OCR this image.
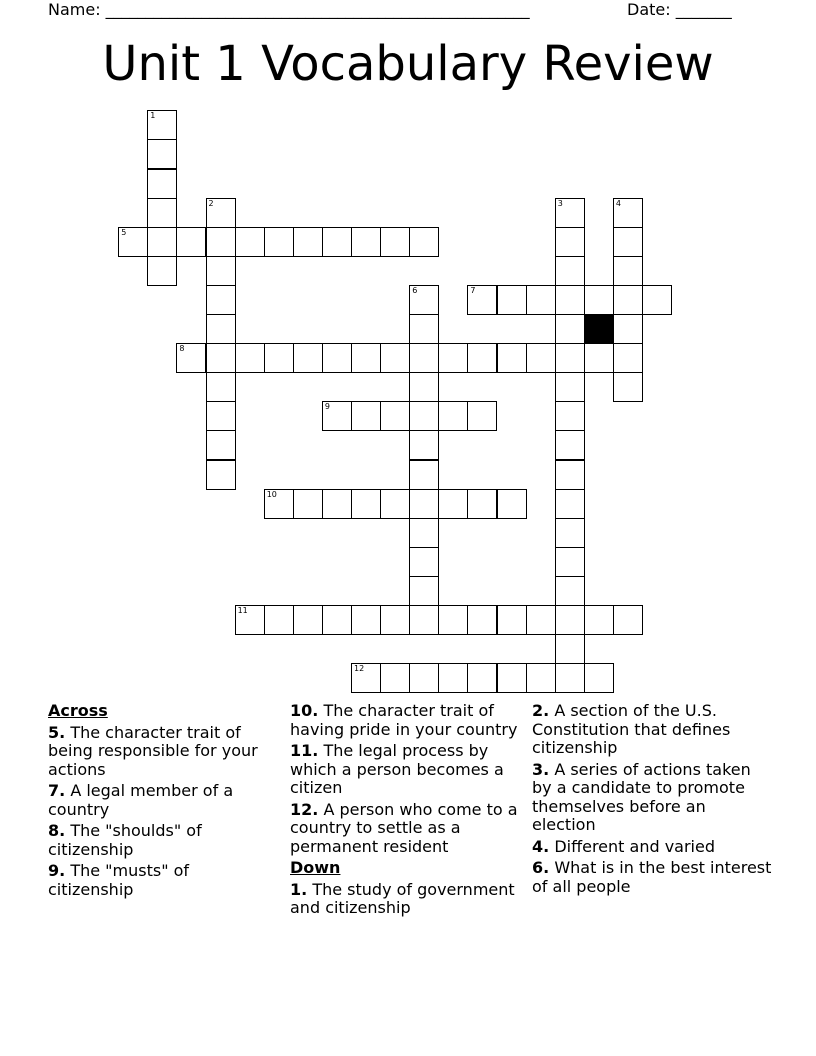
Name: _____________________________________________________	Date: _______
Unit 1 Vocabulary Review
1
2
5
3	4
6	7
8
9
10
11
12
Across
5. The character trait of being responsible for your actions
7. A legal member of a country
8. The "shoulds" of citizenship
9. The "musts" of citizenship
10. The character trait of having pride in your country
11. The legal process by which a person becomes a citizen
12. A person who come to a country to settle as a permanent resident
Down
1. The study of government and citizenship
2. A section of the U.S. Constitution that defines citizenship
3. A series of actions taken by a candidate to promote themselves before an election
4. Different and varied
6. What is in the best interest of all people
